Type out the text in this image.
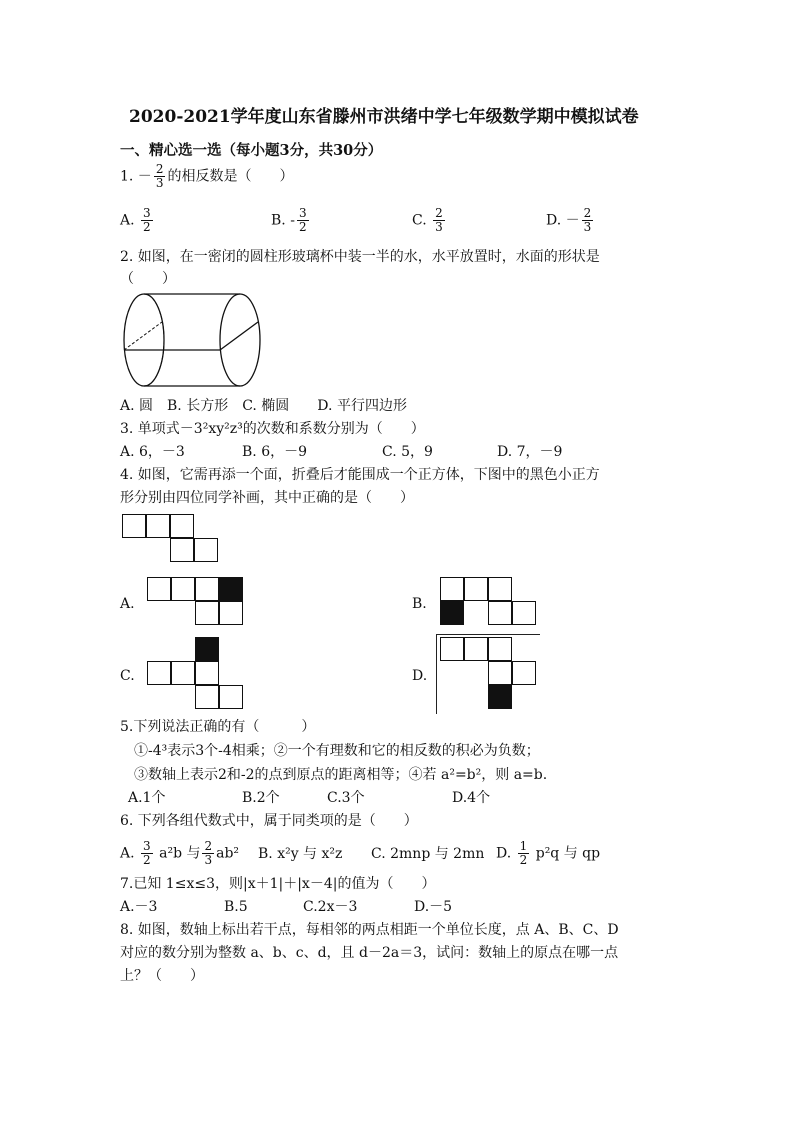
2020-2021学年度山东省滕州市洪绪中学七年级数学期中模拟试卷
一、精心选一选（每小题3分，共30分）
1. － $\frac{2}{3}$ 的相反数是（　　）
A. $\frac{3}{2}$	B. - $\frac{3}{2}$	C. $\frac{2}{3}$	D. － $\frac{2}{3}$
2. 如图，在一密闭的圆柱形玻璃杯中装一半的水，水平放置时，水面的形状是
（　　）
A. 圆　B. 长方形　C. 椭圆　　D. 平行四边形
3. 单项式－3²xy²z³的次数和系数分别为（　　）
A. 6，－3	B. 6，－9	C. 5，9	D. 7，－9
4. 如图，它需再添一个面，折叠后才能围成一个正方体，下图中的黑色小正方
形分别由四位同学补画，其中正确的是（　　）
A.	B.
C.	D.
5.下列说法正确的有（　　　）
①-4³表示3个-4相乘；②一个有理数和它的相反数的积必为负数；
③数轴上表示2和-2的点到原点的距离相等；④若 a²=b²，则 a=b.
A.1个	B.2个	C.3个	D.4个
6. 下列各组代数式中，属于同类项的是（　　）
A. $\frac{3}{2} a^2b$ 与 $\frac{2}{3} ab^2$ B. x²y 与 x²z C. 2mnp 与 2mn D. $\frac{1}{2} p^2q$ 与 qp
7.已知 1≤x≤3，则|x＋1|＋|x－4|的值为（　　）
A.－3	B.5	C.2x－3	D.－5
8. 如图，数轴上标出若干点，每相邻的两点相距一个单位长度，点 A、B、C、D
对应的数分别为整数 a、b、c、d，且 d－2a＝3，试问：数轴上的原点在哪一点
上？（　　）
